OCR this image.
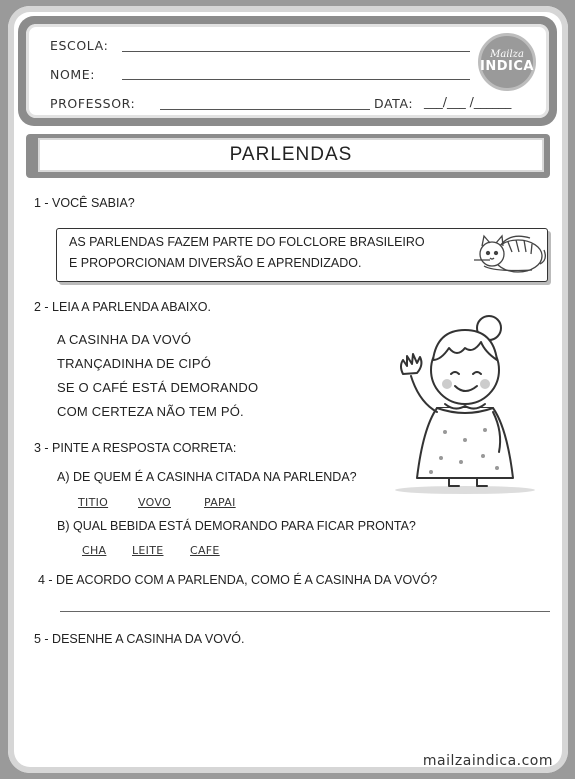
ESCOLA:
NOME:
PROFESSOR:	DATA: ___/___ /______
Mailza
INDICA
PARLENDAS
1 - VOCÊ SABIA?
AS PARLENDAS FAZEM PARTE DO FOLCLORE BRASILEIRO
E PROPORCIONAM DIVERSÃO E APRENDIZADO.
2 - LEIA A PARLENDA ABAIXO.
A CASINHA DA VOVÓ
TRANÇADINHA DE CIPÓ
SE O CAFÉ ESTÁ DEMORANDO
COM CERTEZA NÃO TEM PÓ.
3 - PINTE A RESPOSTA CORRETA:
A) DE QUEM É A CASINHA CITADA NA PARLENDA?
TITIO	VOVO	PAPAI
B) QUAL BEBIDA ESTÁ DEMORANDO PARA FICAR PRONTA?
CHA LEITE CAFE
4 - DE ACORDO COM A PARLENDA, COMO É A CASINHA DA VOVÓ?
5 - DESENHE A CASINHA DA VOVÓ.
mailzaindica.com
